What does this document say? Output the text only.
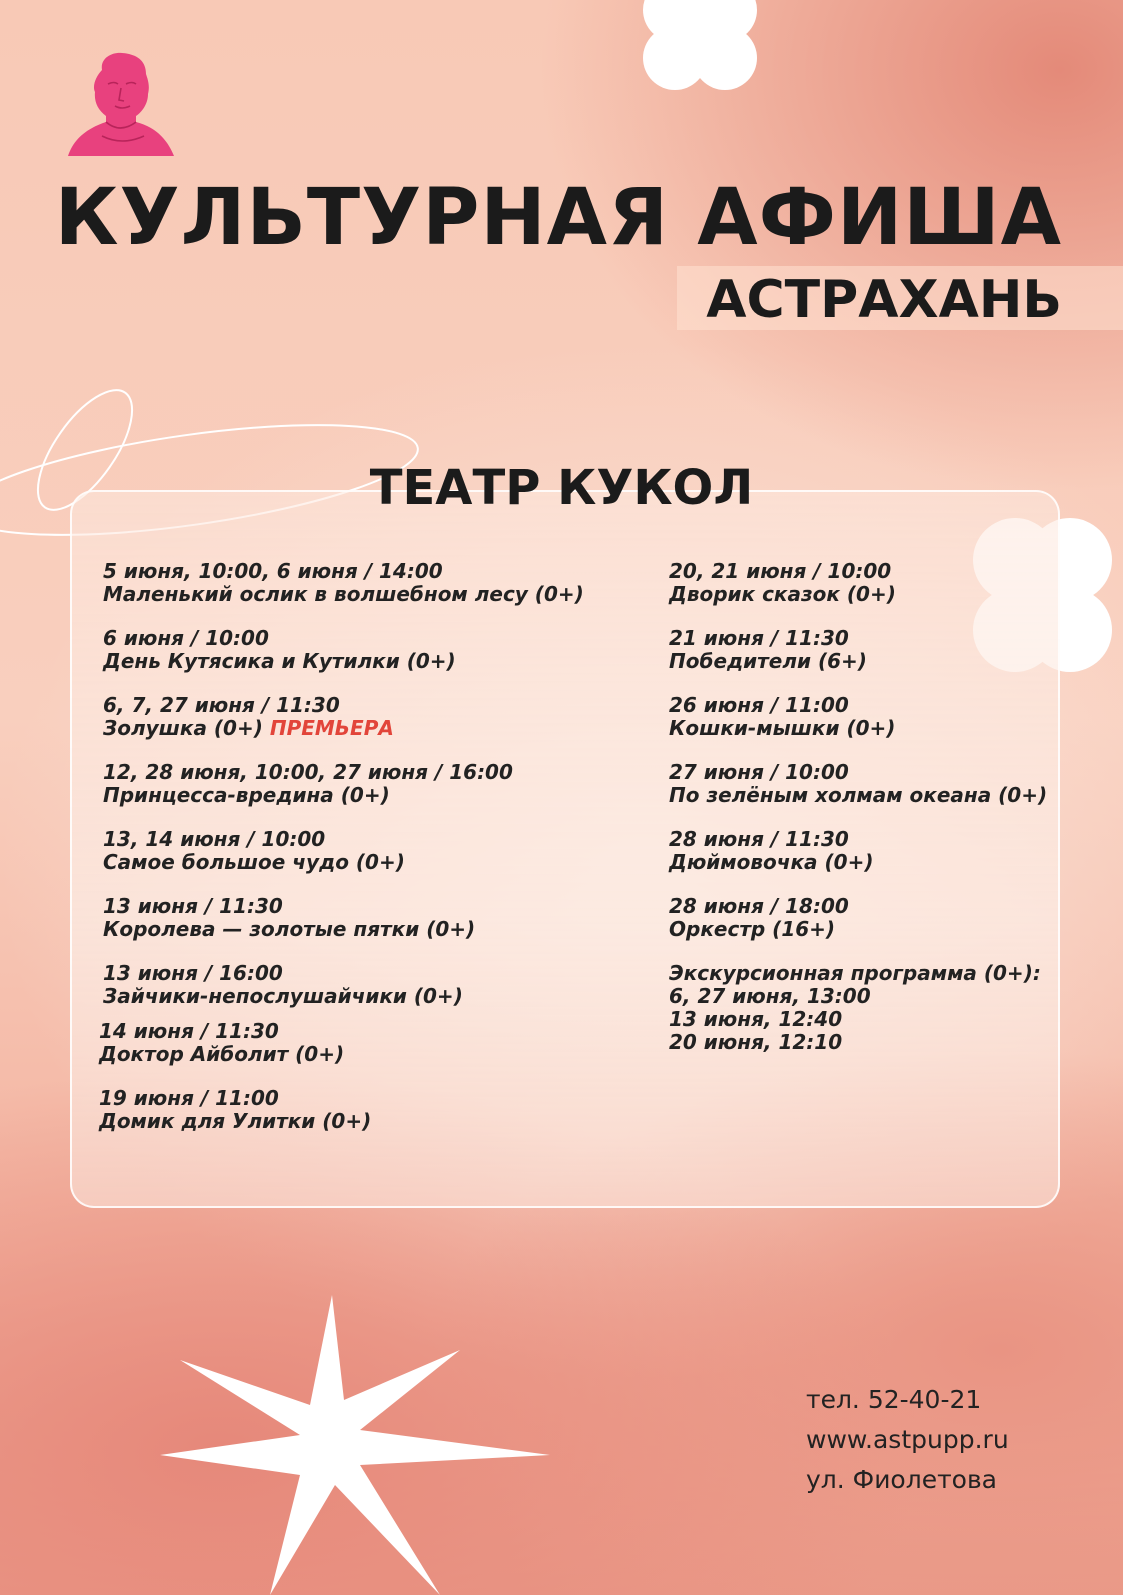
КУЛЬТУРНАЯ АФИША
АСТРАХАНЬ
ТЕАТР КУКОЛ
5 июня, 10:00, 6 июня / 14:00
Маленький ослик в волшебном лесу (0+)
6 июня / 10:00
День Кутясика и Кутилки (0+)
6, 7, 27 июня / 11:30
Золушка (0+) ПРЕМЬЕРА
12, 28 июня, 10:00, 27 июня / 16:00
Принцесса-вредина (0+)
13, 14 июня / 10:00
Самое большое чудо (0+)
13 июня / 11:30
Королева — золотые пятки (0+)
13 июня / 16:00
Зайчики-непослушайчики (0+)
14 июня / 11:30
Доктор Айболит (0+)
19 июня / 11:00
Домик для Улитки (0+)
20, 21 июня / 10:00
Дворик сказок (0+)
21 июня / 11:30
Победители (6+)
26 июня / 11:00
Кошки-мышки (0+)
27 июня / 10:00
По зелёным холмам океана (0+)
28 июня / 11:30
Дюймовочка (0+)
28 июня / 18:00
Оркестр (16+)
Экскурсионная программа (0+):
6, 27 июня, 13:00
13 июня, 12:40
20 июня, 12:10
тел. 52-40-21
www.astpupp.ru
ул. Фиолетова
